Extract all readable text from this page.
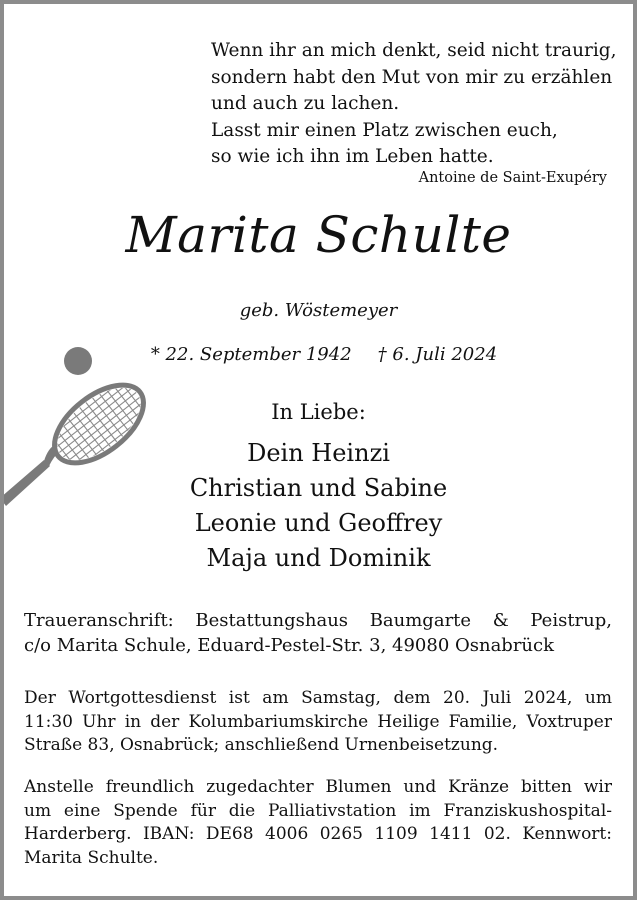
Wenn ihr an mich denkt, seid nicht traurig,
sondern habt den Mut von mir zu erzählen
und auch zu lachen.
Lasst mir einen Platz zwischen euch,
so wie ich ihn im Leben hatte.
Antoine de Saint-Exupéry
Marita Schulte
geb. Wöstemeyer
* 22. September 1942 † 6. Juli 2024
In Liebe:
Dein Heinzi
Christian und Sabine
Leonie und Geoffrey
Maja und Dominik
Traueranschrift: Bestattungshaus Baumgarte & Peistrup,
c/o Marita Schule, Eduard-Pestel-Str. 3, 49080 Osnabrück
Der Wortgottesdienst ist am Samstag, dem 20. Juli 2024, um
11:30 Uhr in der Kolumbariumskirche Heilige Familie, Voxtruper
Straße 83, Osnabrück; anschließend Urnenbeisetzung.
Anstelle freundlich zugedachter Blumen und Kränze bitten wir
um eine Spende für die Palliativstation im Franziskushospital-
Harderberg. IBAN: DE68 4006 0265 1109 1411 02. Kennwort:
Marita Schulte.
